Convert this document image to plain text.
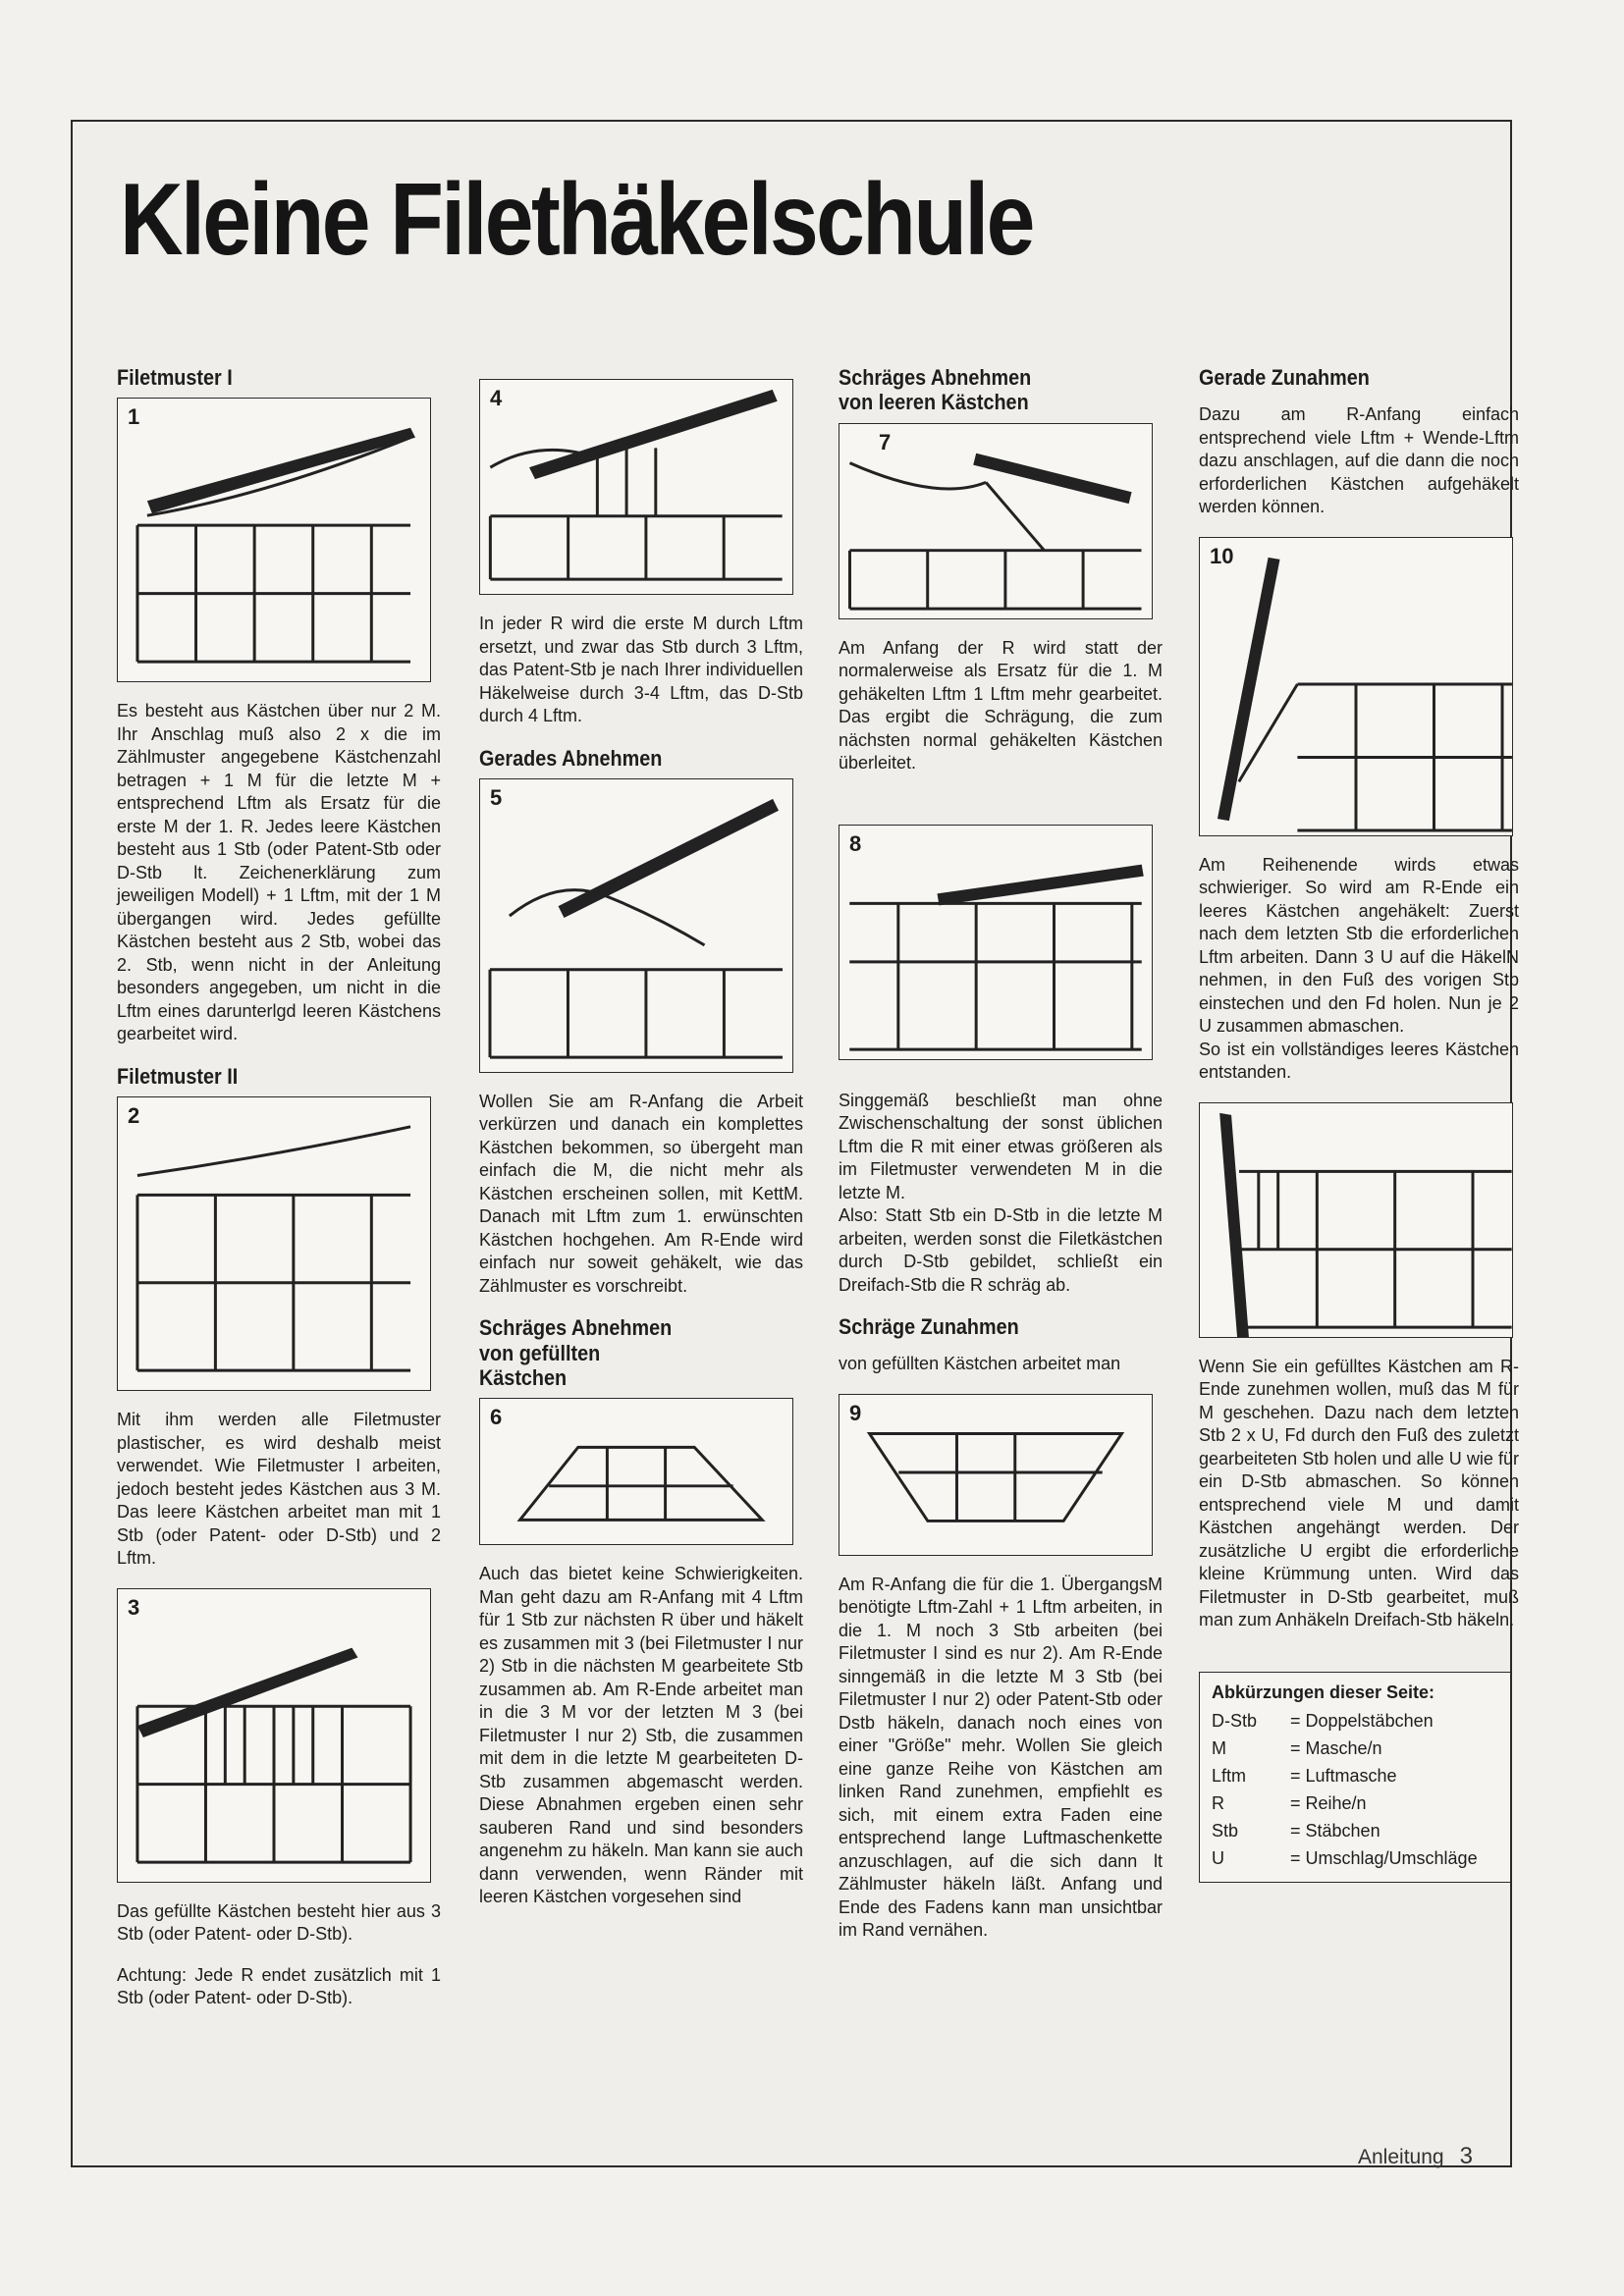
Kleine Filethäkelschule
Filetmuster I
1

Es besteht aus Kästchen über nur 2 M. Ihr Anschlag muß also 2 x die im Zählmuster angegebene Kästchenzahl betragen + 1 M für die letzte M + entsprechend Lftm als Ersatz für die erste M der 1. R. Jedes leere Kästchen besteht aus 1 Stb (oder Patent-Stb oder D-Stb lt. Zeichenerklärung zum jeweiligen Modell) + 1 Lftm, mit der 1 M übergangen wird. Jedes gefüllte Kästchen besteht aus 2 Stb, wobei das 2. Stb, wenn nicht in der Anleitung besonders angegeben, um nicht in die Lftm eines darunterlgd leeren Kästchens gearbeitet wird.

Filetmuster II
2

Mit ihm werden alle Filetmuster plastischer, es wird deshalb meist verwendet. Wie Filetmuster I arbeiten, jedoch besteht jedes Kästchen aus 3 M. Das leere Kästchen arbeitet man mit 1 Stb (oder Patent- oder D-Stb) und 2 Lftm.

3

Das gefüllte Kästchen besteht hier aus 3 Stb (oder Patent- oder D-Stb).

Achtung: Jede R endet zusätzlich mit 1 Stb (oder Patent- oder D-Stb).

4

In jeder R wird die erste M durch Lftm ersetzt, und zwar das Stb durch 3 Lftm, das Patent-Stb je nach Ihrer individuellen Häkelweise durch 3-4 Lftm, das D-Stb durch 4 Lftm.

Gerades Abnehmen
5

Wollen Sie am R-Anfang die Arbeit verkürzen und danach ein komplettes Kästchen bekommen, so übergeht man einfach die M, die nicht mehr als Kästchen erscheinen sollen, mit KettM. Danach mit Lftm zum 1. erwünschten Kästchen hochgehen. Am R-Ende wird einfach nur soweit gehäkelt, wie das Zählmuster es vorschreibt.

Schräges Abnehmen von gefüllten Kästchen
6

Auch das bietet keine Schwierigkeiten. Man geht dazu am R-Anfang mit 4 Lftm für 1 Stb zur nächsten R über und häkelt es zusammen mit 3 (bei Filetmuster I nur 2) Stb in die nächsten M gearbeitete Stb zusammen ab. Am R-Ende arbeitet man in die 3 M vor der letzten M 3 (bei Filetmuster I nur 2) Stb, die zusammen mit dem in die letzte M gearbeiteten D-Stb zusammen abgemascht werden. Diese Abnahmen ergeben einen sehr sauberen Rand und sind besonders angenehm zu häkeln. Man kann sie auch dann verwenden, wenn Ränder mit leeren Kästchen vorgesehen sind

Schräges Abnehmen von leeren Kästchen
7

Am Anfang der R wird statt der normalerweise als Ersatz für die 1. M gehäkelten Lftm 1 Lftm mehr gearbeitet. Das ergibt die Schrägung, die zum nächsten normal gehäkelten Kästchen überleitet.

8

Singgemäß beschließt man ohne Zwischenschaltung der sonst üblichen Lftm die R mit einer etwas größeren als im Filetmuster verwendeten M in die letzte M.

Also: Statt Stb ein D-Stb in die letzte M arbeiten, werden sonst die Filetkästchen durch D-Stb gebildet, schließt ein Dreifach-Stb die R schräg ab.

Schräge Zunahmen

von gefüllten Kästchen arbeitet man

9

Am R-Anfang die für die 1. ÜbergangsM benötigte Lftm-Zahl + 1 Lftm arbeiten, in die 1. M noch 3 Stb arbeiten (bei Filetmuster I sind es nur 2). Am R-Ende sinngemäß in die letzte M 3 Stb (bei Filetmuster I nur 2) oder Patent-Stb oder Dstb häkeln, danach noch eines von einer "Größe" mehr. Wollen Sie gleich eine ganze Reihe von Kästchen am linken Rand zunehmen, empfiehlt es sich, mit einem extra Faden eine entsprechend lange Luftmaschenkette anzuschlagen, auf die sich dann lt Zählmuster häkeln läßt. Anfang und Ende des Fadens kann man unsichtbar im Rand vernähen.

Gerade Zunahmen

Dazu am R-Anfang einfach entsprechend viele Lftm + Wende-Lftm dazu anschlagen, auf die dann die noch erforderlichen Kästchen aufgehäkelt werden können.

10

Am Reihenende wirds etwas schwieriger. So wird am R-Ende ein leeres Kästchen angehäkelt: Zuerst nach dem letzten Stb die erforderlichen Lftm arbeiten. Dann 3 U auf die HäkelN nehmen, in den Fuß des vorigen Stb einstechen und den Fd holen. Nun je 2 U zusammen abmaschen.

So ist ein vollständiges leeres Kästchen entstanden.

Wenn Sie ein gefülltes Kästchen am R-Ende zunehmen wollen, muß das M für M geschehen. Dazu nach dem letzten Stb 2 x U, Fd durch den Fuß des zuletzt gearbeiteten Stb holen und alle U wie für ein D-Stb abmaschen. So können entsprechend viele M und damit Kästchen angehängt werden. Der zusätzliche U ergibt die erforderliche kleine Krümmung unten. Wird das Filetmuster in D-Stb gearbeitet, muß man zum Anhäkeln Dreifach-Stb häkeln.

Abkürzungen dieser Seite:
D-Stb	= Doppelstäbchen
M	= Masche/n
Lftm	= Luftmasche
R	= Reihe/n
Stb	= Stäbchen
U	= Umschlag/Umschläge
Anleitung 3
